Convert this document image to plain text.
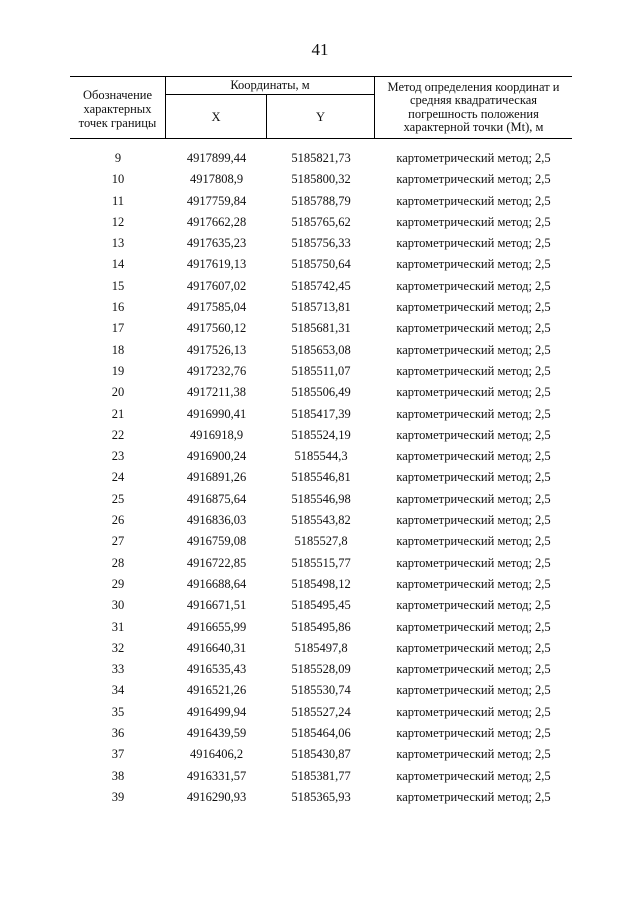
41
Обозначение характерных точек границы
Координаты, м
X	Y
Метод определения координат и средняя квадратическая погрешность положения характерной точки (Mt), м
9	4917899,44	5185821,73	картометрический метод; 2,5
10	4917808,9	5185800,32	картометрический метод; 2,5
11	4917759,84	5185788,79	картометрический метод; 2,5
12	4917662,28	5185765,62	картометрический метод; 2,5
13	4917635,23	5185756,33	картометрический метод; 2,5
14	4917619,13	5185750,64	картометрический метод; 2,5
15	4917607,02	5185742,45	картометрический метод; 2,5
16	4917585,04	5185713,81	картометрический метод; 2,5
17	4917560,12	5185681,31	картометрический метод; 2,5
18	4917526,13	5185653,08	картометрический метод; 2,5
19	4917232,76	5185511,07	картометрический метод; 2,5
20	4917211,38	5185506,49	картометрический метод; 2,5
21	4916990,41	5185417,39	картометрический метод; 2,5
22	4916918,9	5185524,19	картометрический метод; 2,5
23	4916900,24	5185544,3	картометрический метод; 2,5
24	4916891,26	5185546,81	картометрический метод; 2,5
25	4916875,64	5185546,98	картометрический метод; 2,5
26	4916836,03	5185543,82	картометрический метод; 2,5
27	4916759,08	5185527,8	картометрический метод; 2,5
28	4916722,85	5185515,77	картометрический метод; 2,5
29	4916688,64	5185498,12	картометрический метод; 2,5
30	4916671,51	5185495,45	картометрический метод; 2,5
31	4916655,99	5185495,86	картометрический метод; 2,5
32	4916640,31	5185497,8	картометрический метод; 2,5
33	4916535,43	5185528,09	картометрический метод; 2,5
34	4916521,26	5185530,74	картометрический метод; 2,5
35	4916499,94	5185527,24	картометрический метод; 2,5
36	4916439,59	5185464,06	картометрический метод; 2,5
37	4916406,2	5185430,87	картометрический метод; 2,5
38	4916331,57	5185381,77	картометрический метод; 2,5
39	4916290,93	5185365,93	картометрический метод; 2,5
